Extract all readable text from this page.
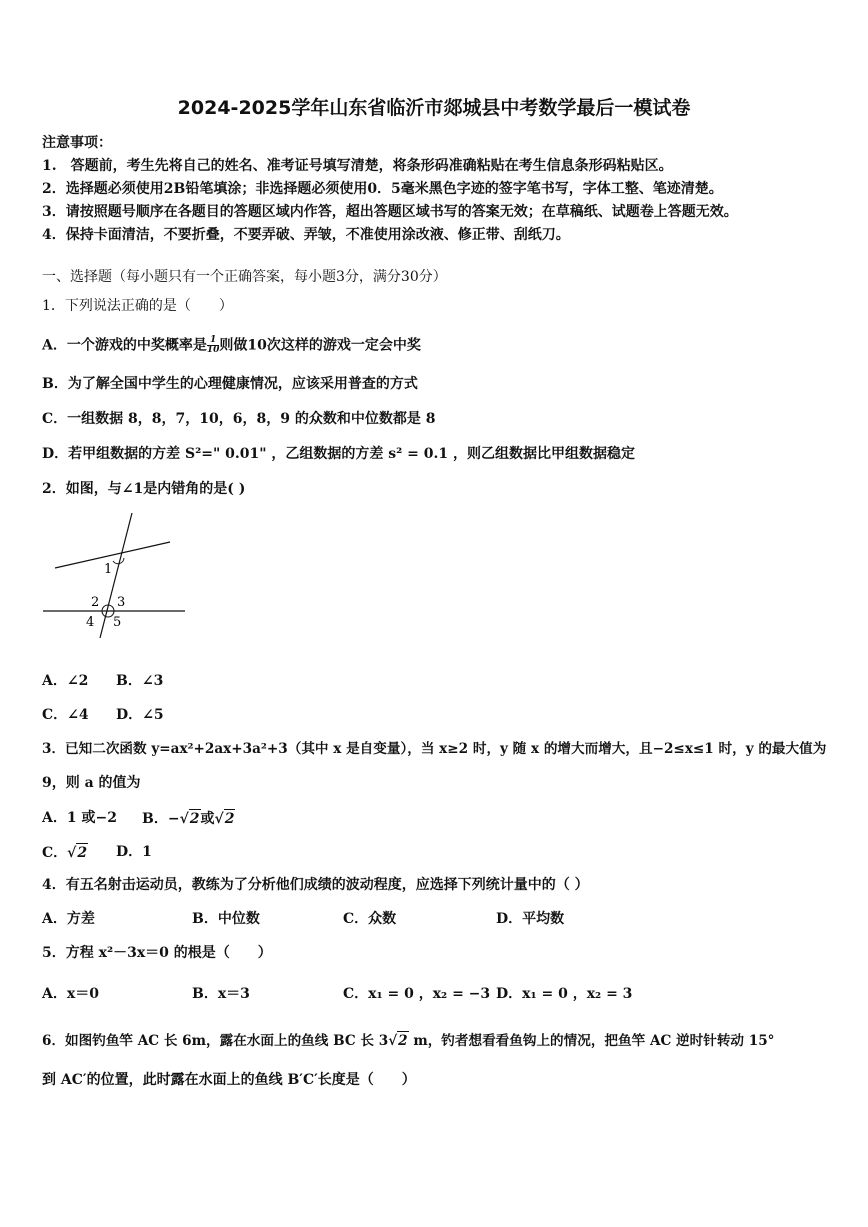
2024-2025学年山东省临沂市郯城县中考数学最后一模试卷
注意事项：
1.　答题前，考生先将自己的姓名、准考证号填写清楚，将条形码准确粘贴在考生信息条形码粘贴区。
2．选择题必须使用2B铅笔填涂；非选择题必须使用0．5毫米黑色字迹的签字笔书写，字体工整、笔迹清楚。
3．请按照题号顺序在各题目的答题区域内作答，超出答题区域书写的答案无效；在草稿纸、试题卷上答题无效。
4．保持卡面清洁，不要折叠，不要弄破、弄皱，不准使用涂改液、修正带、刮纸刀。
一、选择题（每小题只有一个正确答案，每小题3分，满分30分）
1．下列说法正确的是（　　）
A．一个游戏的中奖概率是 $\frac{1}{10}$ 则做10次这样的游戏一定会中奖
B．为了解全国中学生的心理健康情况，应该采用普查的方式
C．一组数据 8，8，7，10，6，8，9 的众数和中位数都是 8
D．若甲组数据的方差 S²=" 0.01" ，乙组数据的方差 s² = 0.1 ，则乙组数据比甲组数据稳定
2．如图，与∠1是内错角的是( )
1
2 3
4 5
A．∠2 B．∠3
C．∠4 D．∠5
3．已知二次函数 y=ax²+2ax+3a²+3（其中 x 是自变量），当 x≥2 时，y 随 x 的增大而增大，且−2≤x≤1 时，y 的最大值为
9，则 a 的值为
A．1 或−2 B．−√2或√2
C．√2 D．1
4．有五名射击运动员，教练为了分析他们成绩的波动程度，应选择下列统计量中的（ ）
A．方差	B．中位数	C．众数	D．平均数
5．方程 x²－3x＝0 的根是（　　）
A．x＝0	B．x＝3	C．x₁ = 0 ，x₂ = −3 D．x₁ = 0 ，x₂ = 3
6．如图钓鱼竿 AC 长 6m，露在水面上的鱼线 BC 长 3√2 m，钓者想看看鱼钩上的情况，把鱼竿 AC 逆时针转动 15°
到 AC′的位置，此时露在水面上的鱼线 B′C′长度是（　　）
